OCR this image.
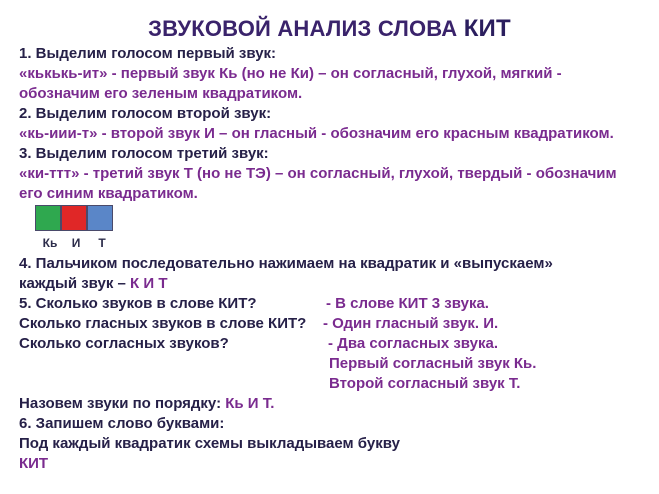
ЗВУКОВОЙ АНАЛИЗ СЛОВА КИТ
1. Выделим голосом первый звук:
«кькькь-ит» - первый звук Кь (но не Ки) – он согласный, глухой, мягкий -
обозначим его зеленым квадратиком.
2. Выделим голосом второй звук:
«кь-иии-т» - второй звук И – он гласный - обозначим его красным квадратиком.
3. Выделим голосом третий звук:
«ки-ттт» - третий звук Т (но не ТЭ) – он согласный, глухой, твердый - обозначим
его синим квадратиком.
Кь	И	Т
4. Пальчиком последовательно нажимаем на квадратик и «выпускаем»
каждый звук – К И Т
5. Сколько звуков в слове КИТ?	- В слове КИТ 3 звука.
Сколько гласных звуков в слове КИТ? - Один гласный звук. И.
Сколько согласных звуков?	- Два согласных звука.
Первый согласный звук Кь.
Второй согласный звук Т.
Назовем звуки по порядку: Кь И Т.
6. Запишем слово буквами:
Под каждый квадратик схемы выкладываем букву
КИТ
